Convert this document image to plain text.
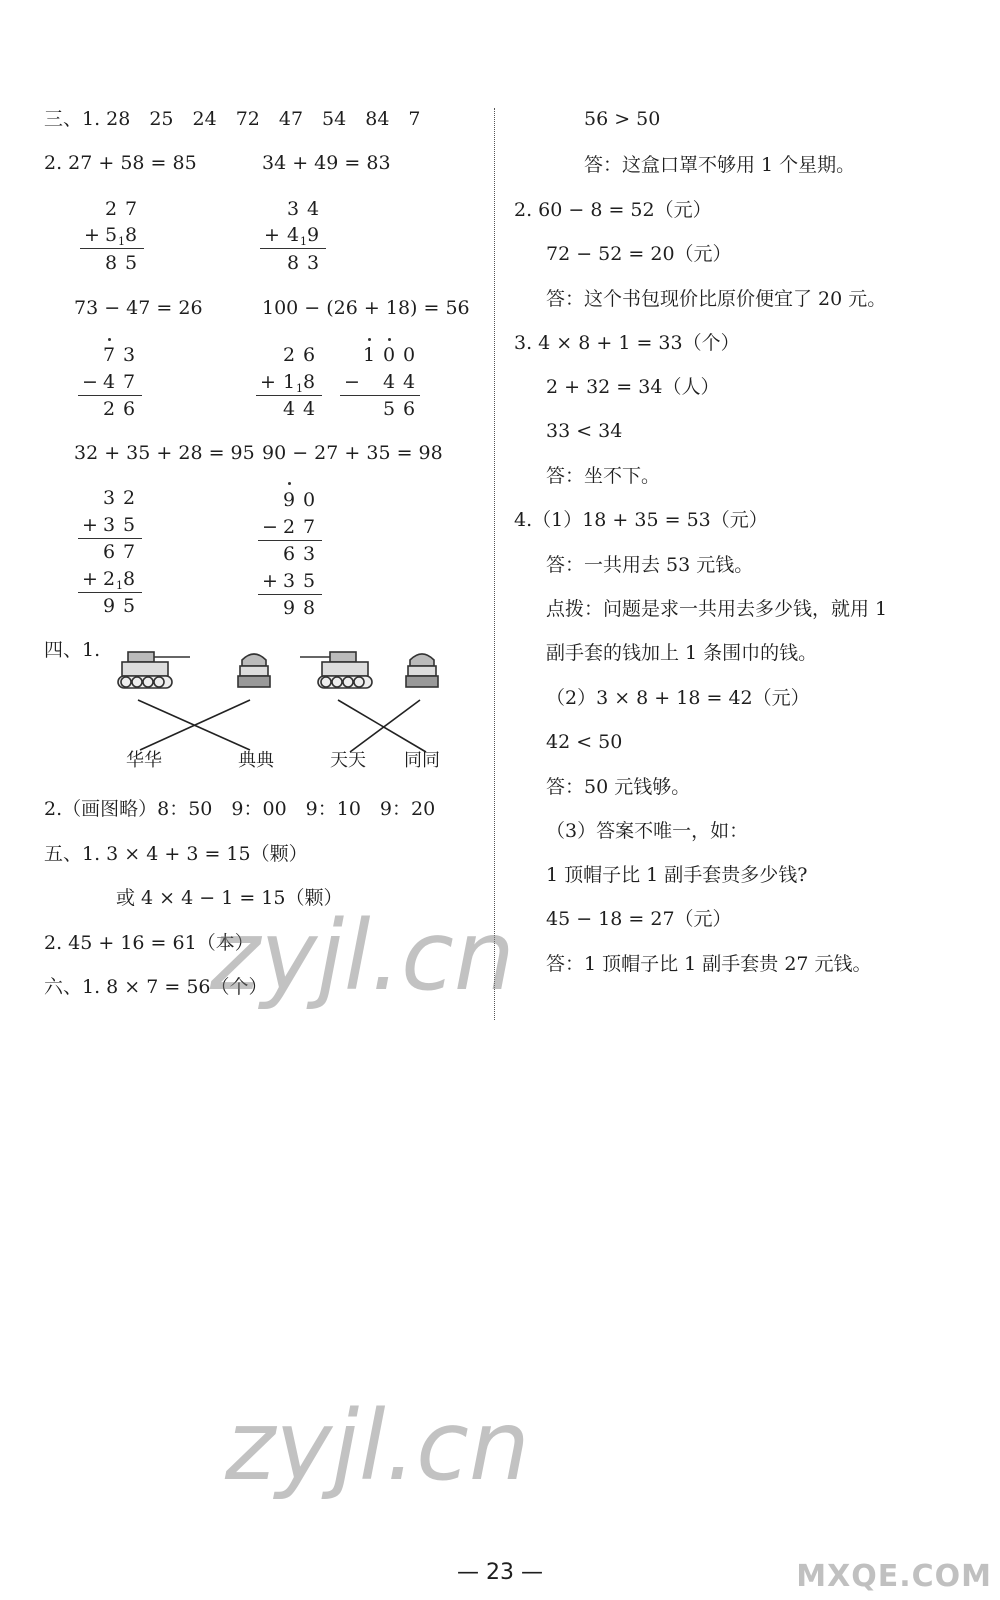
三、1. 28　25　24　72　47　54　84　7
2. 27 + 58 = 85	34 + 49 = 83
2 7
+ 5 1 8
8 5
3 4
+ 4 1 9
8 3
73 − 47 = 26	100 − (26 + 18) = 56
7 3
− 4 7
2 6
2 6
+ 1 1 8
4 4
1 0 0
− 4 4
5 6
32 + 35 + 28 = 95 90 − 27 + 35 = 98
3 2
+ 3 5
6 7
+ 2 1 8
9 5
9 0
− 2 7
6 3
+ 3 5
9 8
四、1.
华华	典典	天天 同同
2.（画图略）8：50　9：00　9：10　9：20
五、1. 3 × 4 + 3 = 15（颗）
或 4 × 4 − 1 = 15（颗）
2. 45 + 16 = 61（本）
六、1. 8 × 7 = 56（个）
56 > 50
答：这盒口罩不够用 1 个星期。
2. 60 − 8 = 52（元）
72 − 52 = 20（元）
答：这个书包现价比原价便宜了 20 元。
3. 4 × 8 + 1 = 33（个）
2 + 32 = 34（人）
33 < 34
答：坐不下。
4.（1）18 + 35 = 53（元）
答：一共用去 53 元钱。
点拨：问题是求一共用去多少钱，就用 1
副手套的钱加上 1 条围巾的钱。
（2）3 × 8 + 18 = 42（元）
42 < 50
答：50 元钱够。
（3）答案不唯一，如：
1 顶帽子比 1 副手套贵多少钱?
45 − 18 = 27（元）
答：1 顶帽子比 1 副手套贵 27 元钱。
zyjl.cn
zyjl.cn
MXQE.COM
— 23 —
